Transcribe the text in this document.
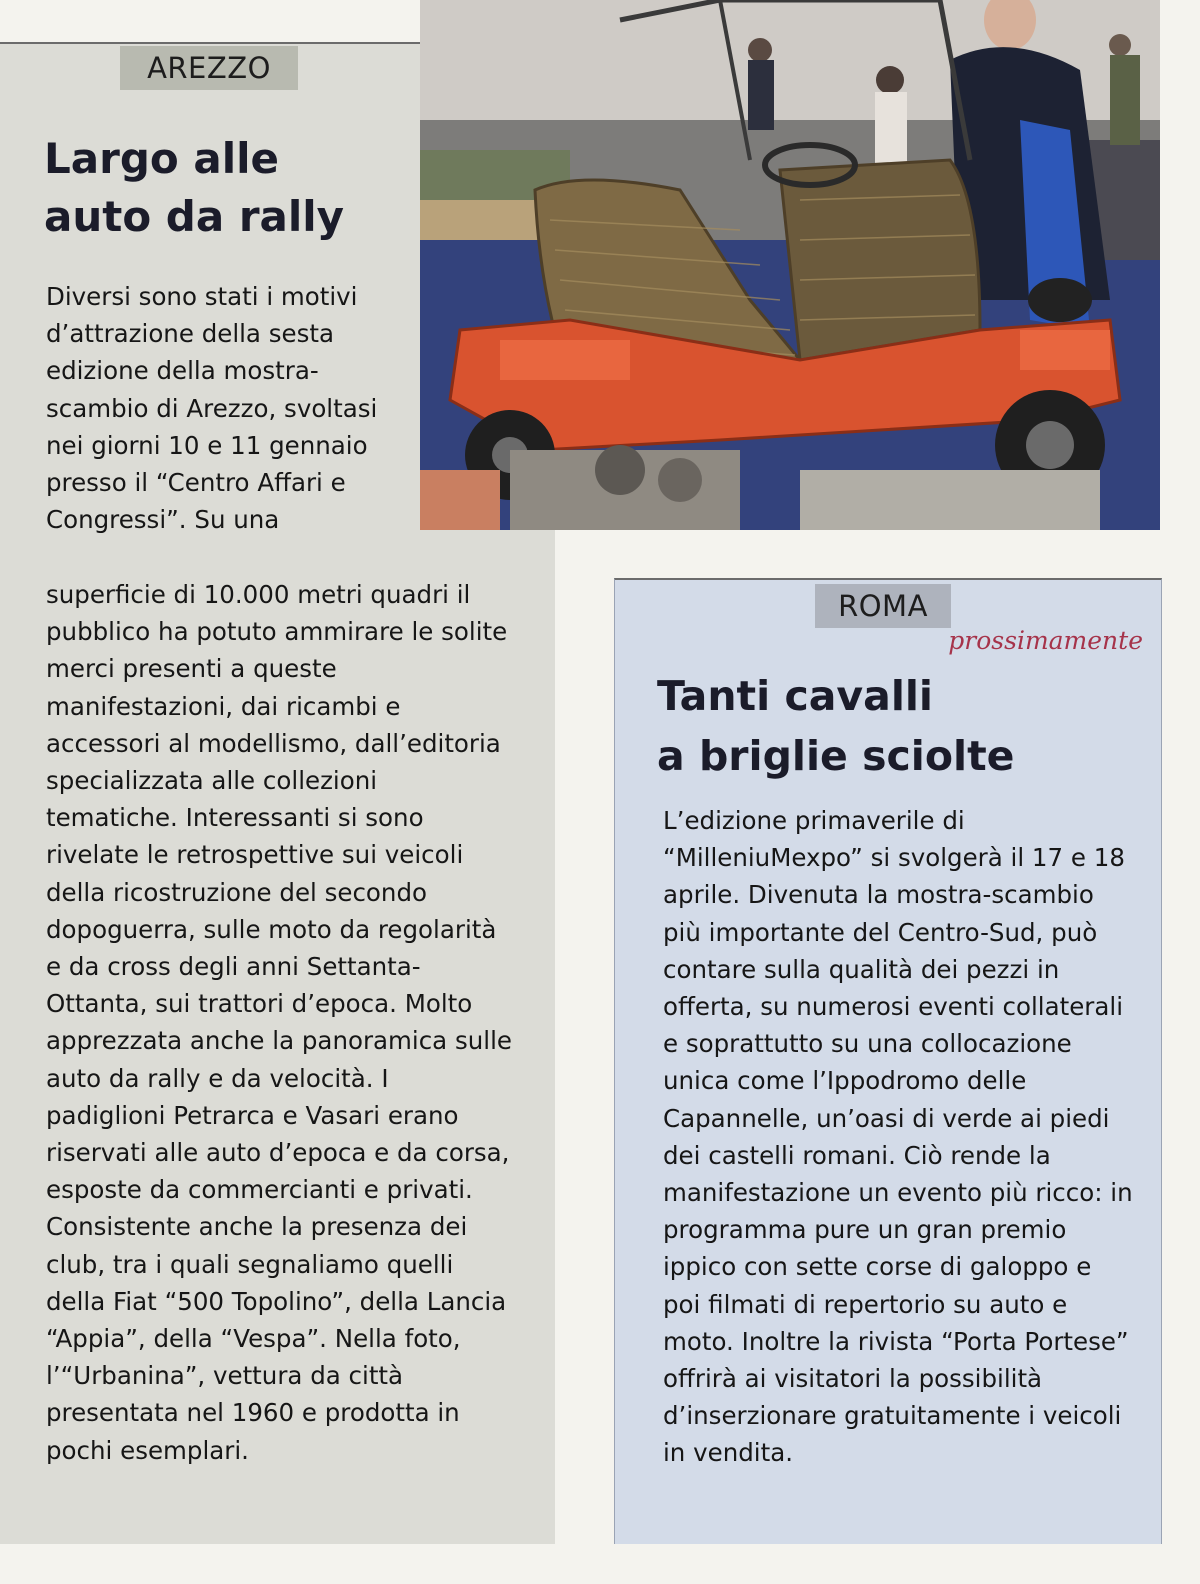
AREZZO
Largo alle
auto da rally

Diversi sono stati i motivi d’attrazione della sesta edizione della mostra-scambio di Arezzo, svoltasi nei giorni 10 e 11 gennaio presso il “Centro Affari e Congressi”. Su una

superficie di 10.000 metri quadri il pubblico ha potuto ammirare le solite merci presenti a queste manifestazioni, dai ricambi e accessori al modellismo, dall’editoria specializzata alle collezioni tematiche. Interessanti si sono rivelate le retrospettive sui veicoli della ricostruzione del secondo dopoguerra, sulle moto da regolarità e da cross degli anni Settanta-Ottanta, sui trattori d’epoca. Molto apprezzata anche la panoramica sulle auto da rally e da velocità. I padiglioni Petrarca e Vasari erano riservati alle auto d’epoca e da corsa, esposte da commercianti e privati. Consistente anche la presenza dei club, tra i quali segnaliamo quelli della Fiat “500 Topolino”, della Lancia “Appia”, della “Vespa”. Nella foto, l’“Urbanina”, vettura da città presentata nel 1960 e prodotta in pochi esemplari.

ROMA

prossimamente

Tanti cavalli
a briglie sciolte

L’edizione primaverile di “MilleniuMexpo” si svolgerà il 17 e 18 aprile. Divenuta la mostra-scambio più importante del Centro-Sud, può contare sulla qualità dei pezzi in offerta, su numerosi eventi collaterali e soprattutto su una collocazione unica come l’Ippodromo delle Capannelle, un’oasi di verde ai piedi dei castelli romani. Ciò rende la manifestazione un evento più ricco: in programma pure un gran premio ippico con sette corse di galoppo e poi filmati di repertorio su auto e moto. Inoltre la rivista “Porta Portese” offrirà ai visitatori la possibilità d’inserzionare gratuitamente i veicoli in vendita.
